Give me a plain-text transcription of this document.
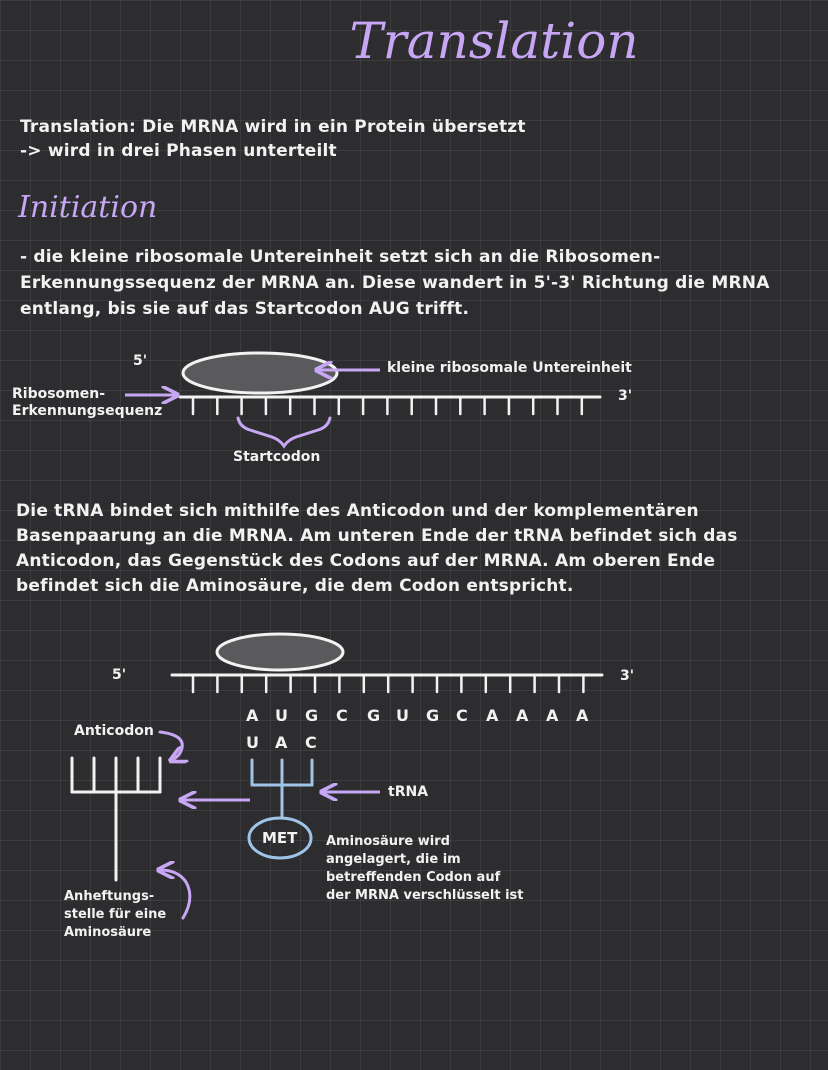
Translation
Translation: Die MRNA wird in ein Protein übersetzt
-> wird in drei Phasen unterteilt
Initiation
- die kleine ribosomale Untereinheit setzt sich an die Ribosomen-
Erkennungssequenz der MRNA an. Diese wandert in 5'-3' Richtung die MRNA
entlang, bis sie auf das Startcodon AUG trifft.
5'	kleine ribosomale Untereinheit
3'
Ribosomen-
Erkennungsequenz
Startcodon
Die tRNA bindet sich mithilfe des Anticodon und der komplementären
Basenpaarung an die MRNA. Am unteren Ende der tRNA befindet sich das
Anticodon, das Gegenstück des Codons auf der MRNA. Am oberen Ende
befindet sich die Aminosäure, die dem Codon entspricht.
5'	3'
A U G C G U G C A A A A
U A C
Anticodon
tRNA
MET Aminosäure wird
angelagert, die im
betreffenden Codon auf
der MRNA verschlüsselt ist
Anheftungs-
stelle für eine
Aminosäure
